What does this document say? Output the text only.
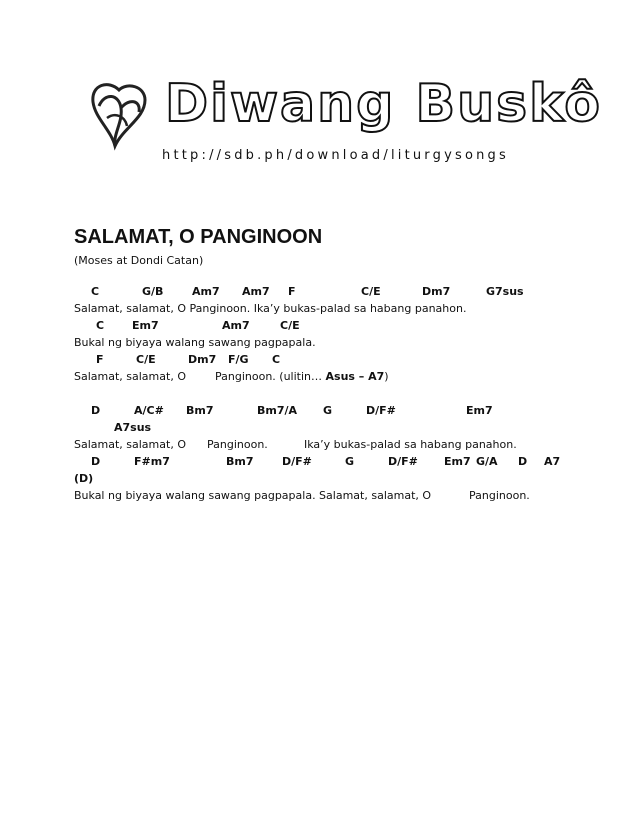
Diwang Buskô
http://sdb.ph/download/liturgysongs
SALAMAT, O PANGINOON
(Moses at Dondi Catan)
C	G/B	Am7 Am7 F	C/E	Dm7	G7sus
Salamat, salamat, O Panginoon. Ika’y bukas-palad sa habang panahon.
C	Em7	Am7	C/E
Bukal ng biyaya walang sawang pagpapala.
F	C/E	Dm7 F/G C
Salamat, salamat, O	Panginoon. (ulitin… Asus – A7)
D	A/C# Bm7	Bm7/A G	D/F#	Em7
A7sus
Salamat, salamat, O Panginoon.	Ika’y bukas-palad sa habang panahon.
D	F#m7	Bm7	D/F#	G	D/F# Em7 G/A D A7
(D)
Bukal ng biyaya walang sawang pagpapala. Salamat, salamat, O	Panginoon.
